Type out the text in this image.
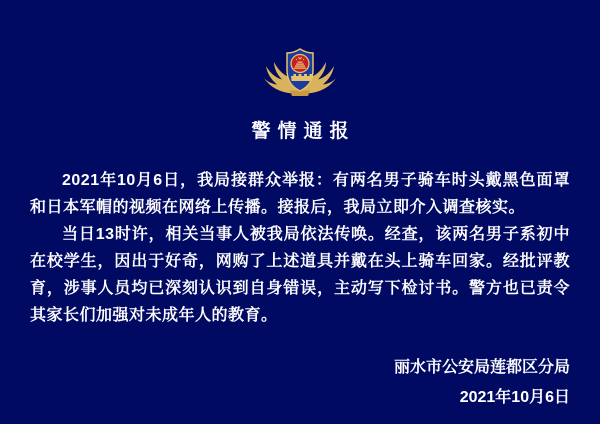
警情通报

2021年10月6日，我局接群众举报：有两名男子骑车时头戴黑色面罩和日本军帽的视频在网络上传播。接报后，我局立即介入调查核实。

当日13时许，相关当事人被我局依法传唤。经查，该两名男子系初中在校学生，因出于好奇，网购了上述道具并戴在头上骑车回家。经批评教育，涉事人员均已深刻认识到自身错误，主动写下检讨书。警方也已责令其家长们加强对未成年人的教育。

丽水市公安局莲都区分局
2021年10月6日
